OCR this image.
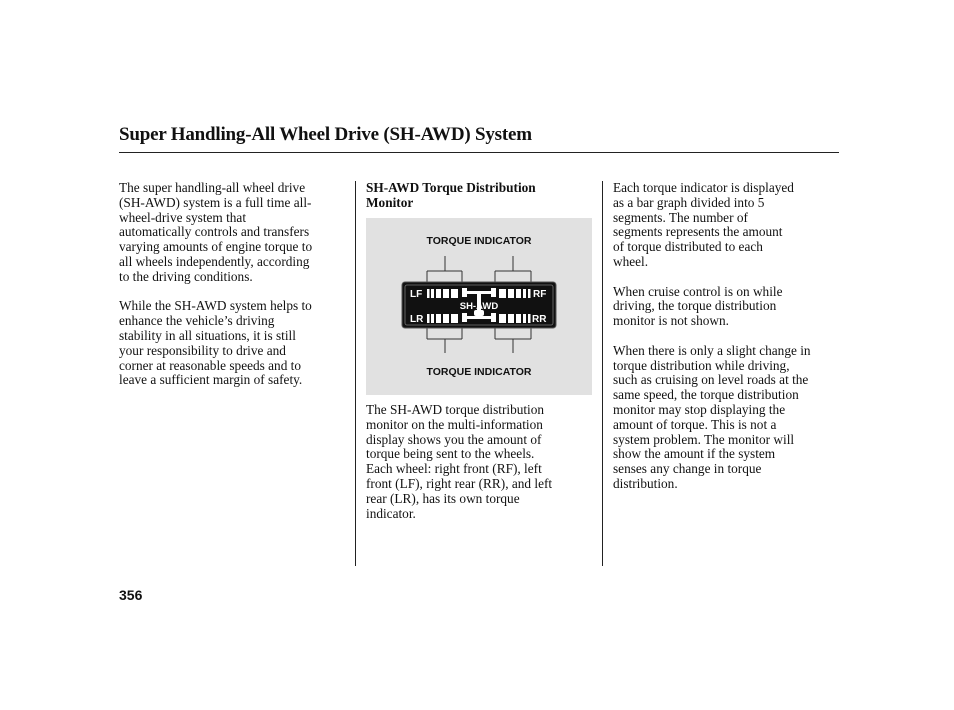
Super Handling-All Wheel Drive (SH-AWD) System

The super handling-all wheel drive
(SH-AWD) system is a full time all-
wheel-drive system that
automatically controls and transfers
varying amounts of engine torque to
all wheels independently, according
to the driving conditions.

While the SH-AWD system helps to
enhance the vehicle’s driving
stability in all situations, it is still
your responsibility to drive and
corner at reasonable speeds and to
leave a sufficient margin of safety.

SH-AWD Torque Distribution
Monitor

TORQUE INDICATOR
LF	RF
LR	RR
SH-AWD
TORQUE INDICATOR

The SH-AWD torque distribution
monitor on the multi-information
display shows you the amount of
torque being sent to the wheels.
Each wheel: right front (RF), left
front (LF), right rear (RR), and left
rear (LR), has its own torque
indicator.

Each torque indicator is displayed
as a bar graph divided into 5
segments. The number of
segments represents the amount
of torque distributed to each
wheel.

When cruise control is on while
driving, the torque distribution
monitor is not shown.

When there is only a slight change in
torque distribution while driving,
such as cruising on level roads at the
same speed, the torque distribution
monitor may stop displaying the
amount of torque. This is not a
system problem. The monitor will
show the amount if the system
senses any change in torque
distribution.

356
